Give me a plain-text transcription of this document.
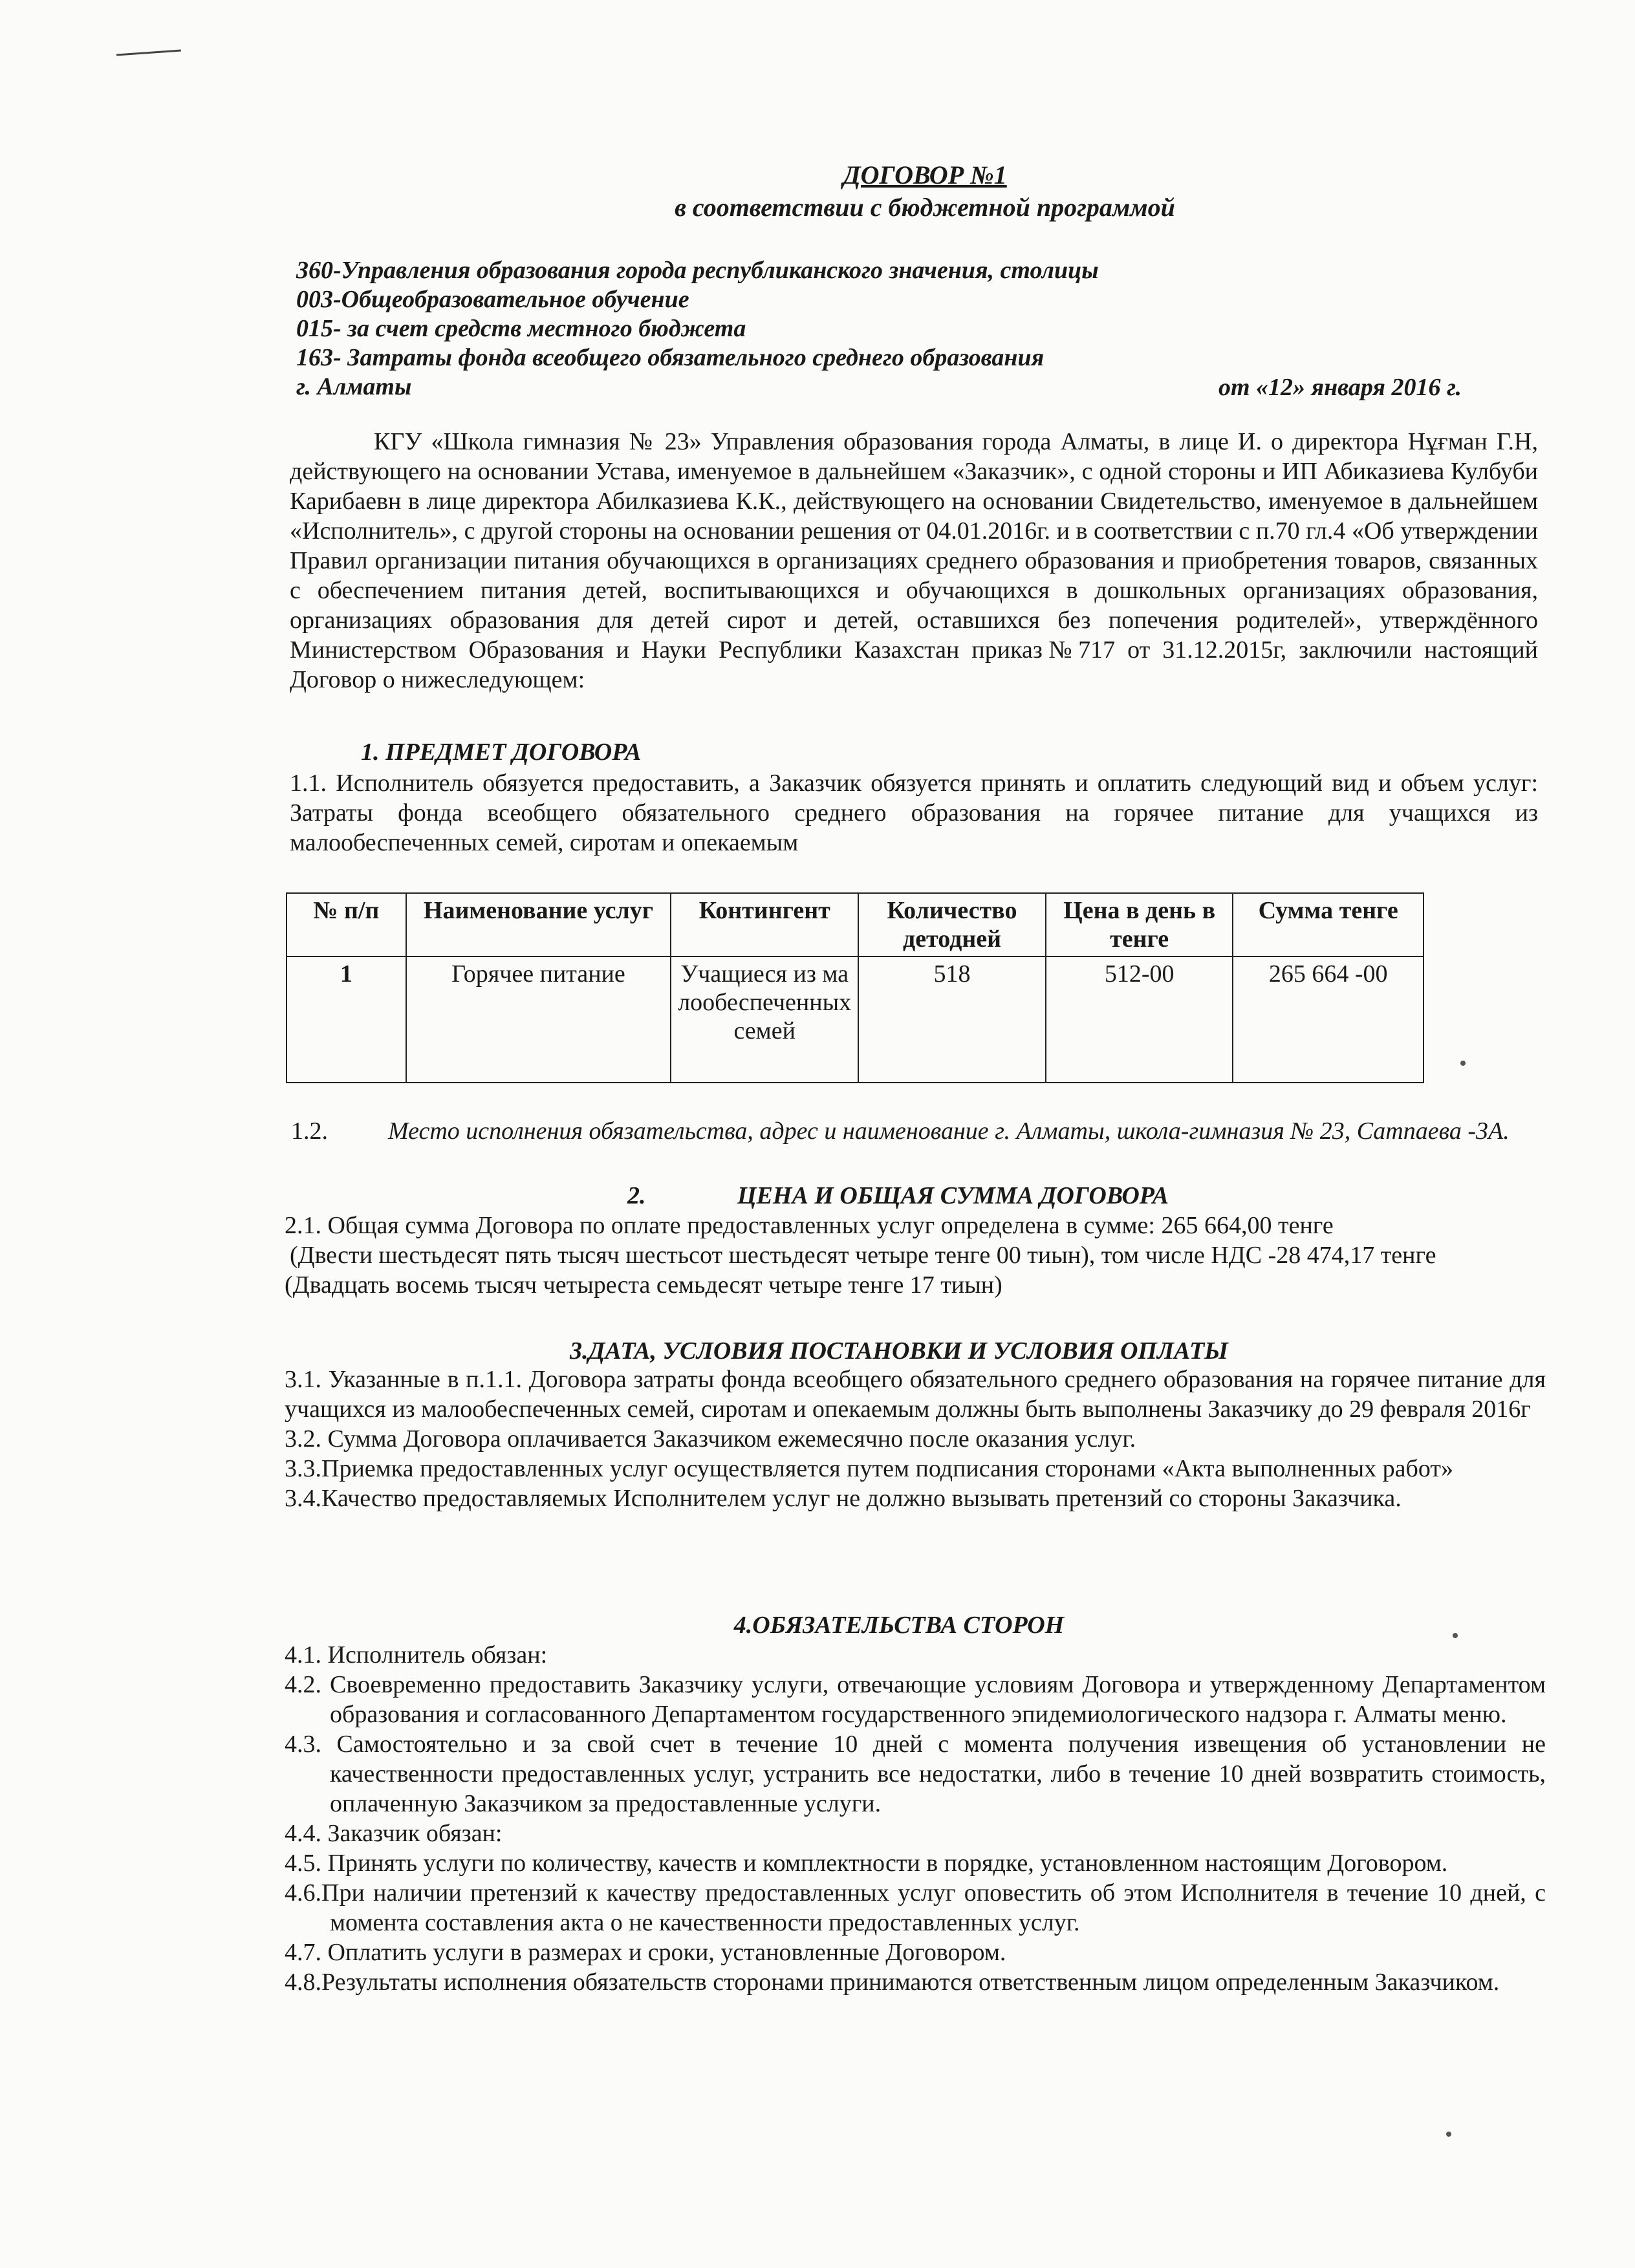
ДОГОВОР №1

в соответствии с бюджетной программой

360-Управления образования города республиканского значения, столицы

003-Общеобразовательное обучение

015- за счет средств местного бюджета

163- Затраты фонда всеобщего обязательного среднего образования

г. Алматы	от «12» января 2016 г.

КГУ «Школа гимназия № 23» Управления образования города Алматы, в лице И. о директора Нұғман Г.Н, действующего на основании Устава, именуемое в дальнейшем «Заказчик», с одной стороны и ИП Абиказиева Кулбуби Карибаевн в лице директора Абилказиева К.К., действующего на основании Свидетельство, именуемое в дальнейшем «Исполнитель», с другой стороны на основании решения от 04.01.2016г. и в соответствии с п.70 гл.4 «Об утверждении Правил организации питания обучающихся в организациях среднего образования и приобретения товаров, связанных с обеспечением питания детей, воспитывающихся и обучающихся в дошкольных организациях образования, организациях образования для детей сирот и детей, оставшихся без попечения родителей», утверждённого Министерством Образования и Науки Республики Казахстан приказ№717 от 31.12.2015г, заключили настоящий Договор о нижеследующем:

1. ПРЕДМЕТ ДОГОВОРА

1.1. Исполнитель обязуется предоставить, а Заказчик обязуется принять и оплатить следующий вид и объем услуг: Затраты фонда всеобщего обязательного среднего образования на горячее питание для учащихся из малообеспеченных семей, сиротам и опекаемым

№ п/п	Наименование услуг	Контингент	Количество детодней	Цена в день в тенге	Сумма тенге
1	Горячее питание	Учащиеся из малообеспеченных семей	518	512-00	265 664 -00
1.2. Место исполнения обязательства, адрес и наименование г. Алматы, школа-гимназия № 23, Сатпаева -3А.

2.	ЦЕНА И ОБЩАЯ СУММА ДОГОВОРА

2.1. Общая сумма Договора по оплате предоставленных услуг определена в сумме: 265 664,00 тенге

(Двести шестьдесят пять тысяч шестьсот шестьдесят четыре тенге 00 тиын), том числе НДС -28 474,17 тенге

(Двадцать восемь тысяч четыреста семьдесят четыре тенге 17 тиын)

3.ДАТА, УСЛОВИЯ ПОСТАНОВКИ И УСЛОВИЯ ОПЛАТЫ

3.1. Указанные в п.1.1. Договора затраты фонда всеобщего обязательного среднего образования на горячее питание для учащихся из малообеспеченных семей, сиротам и опекаемым должны быть выполнены Заказчику до 29 февраля 2016г

3.2. Сумма Договора оплачивается Заказчиком ежемесячно после оказания услуг.

3.3.Приемка предоставленных услуг осуществляется путем подписания сторонами «Акта выполненных работ»

3.4.Качество предоставляемых Исполнителем услуг не должно вызывать претензий со стороны Заказчика.

4.ОБЯЗАТЕЛЬСТВА СТОРОН

4.1. Исполнитель обязан:

4.2. Своевременно предоставить Заказчику услуги, отвечающие условиям Договора и утвержденному Департаментом образования и согласованного Департаментом государственного эпидемиологического надзора г. Алматы меню.

4.3. Самостоятельно и за свой счет в течение 10 дней с момента получения извещения об установлении не качественности предоставленных услуг, устранить все недостатки, либо в течение 10 дней возвратить стоимость, оплаченную Заказчиком за предоставленные услуги.

4.4. Заказчик обязан:

4.5. Принять услуги по количеству, качеств и комплектности в порядке, установленном настоящим Договором.

4.6.При наличии претензий к качеству предоставленных услуг оповестить об этом Исполнителя в течение 10 дней, с момента составления акта о не качественности предоставленных услуг.

4.7. Оплатить услуги в размерах и сроки, установленные Договором.

4.8.Результаты исполнения обязательств сторонами принимаются ответственным лицом определенным Заказчиком.
